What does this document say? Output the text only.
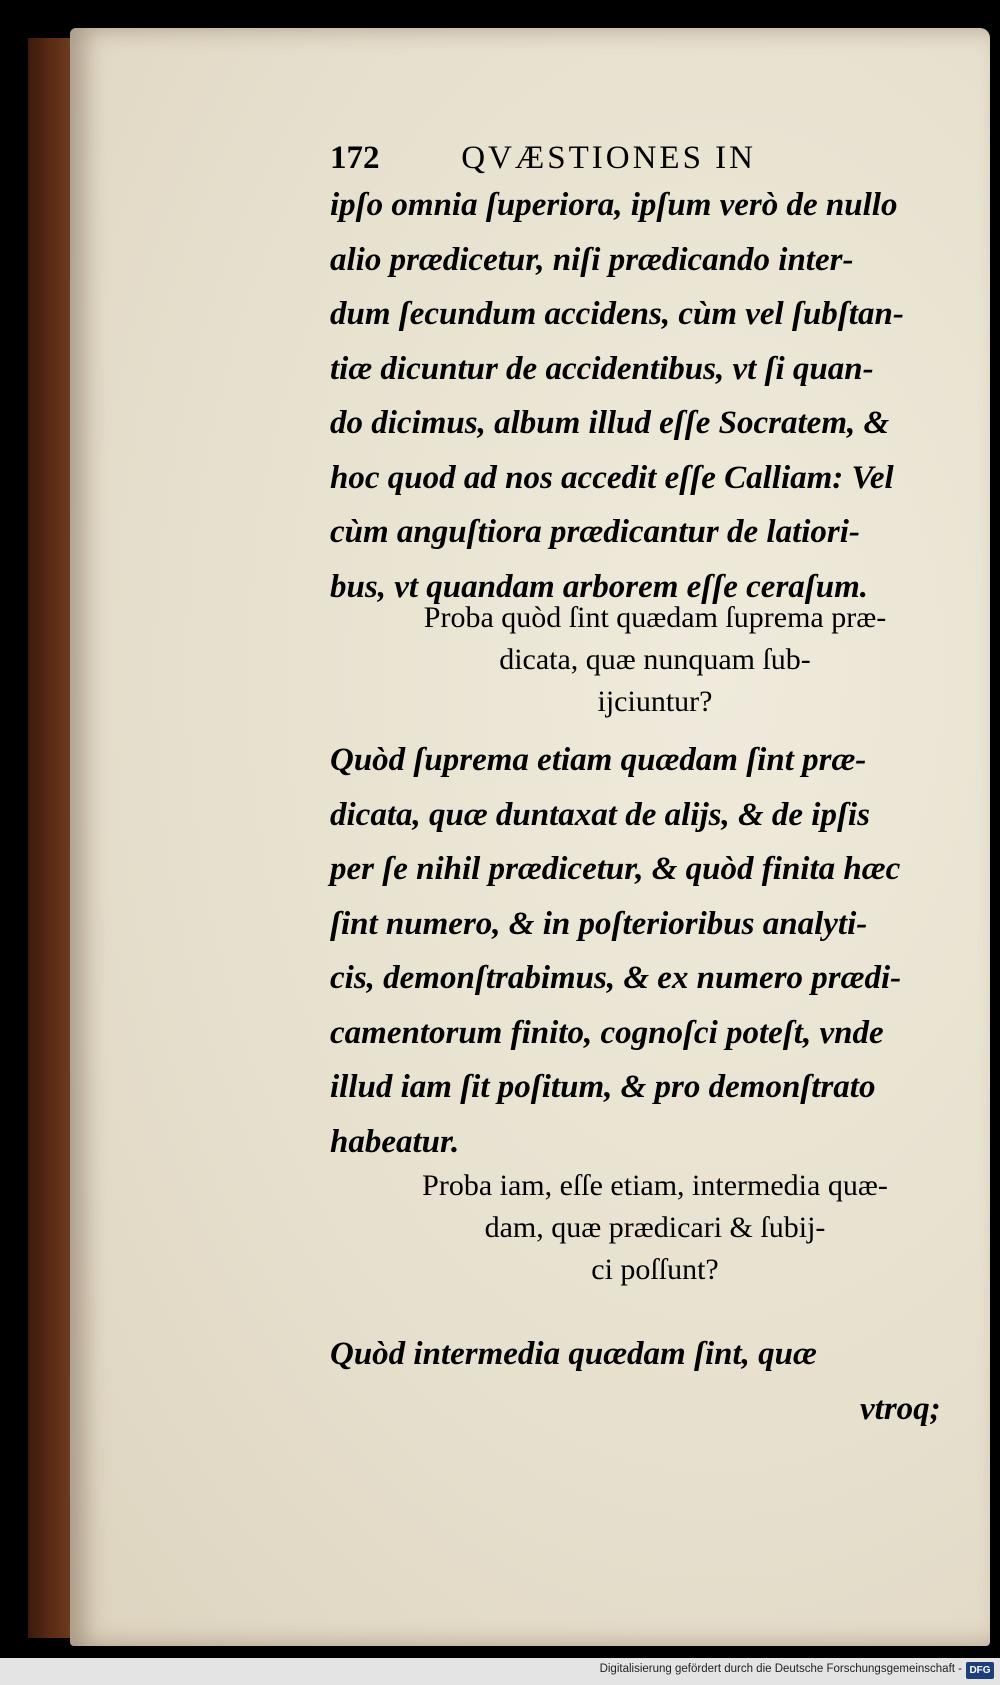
172 QVÆSTIONES IN
ipſo omnia ſuperiora, ipſum verò de nullo
alio prædicetur, niſi prædicando inter-
dum ſecundum accidens, cùm vel ſubſtan-
tiæ dicuntur de accidentibus, vt ſi quan-
do dicimus, album illud eſſe Socratem, &
hoc quod ad nos accedit eſſe Calliam: Vel
cùm anguſtiora prædicantur de latiori-
bus, vt quandam arborem eſſe ceraſum.
Proba quòd ſint quædam ſuprema præ-
dicata, quæ nunquam ſub-
ijciuntur?
Quòd ſuprema etiam quædam ſint præ-
dicata, quæ duntaxat de alijs, & de ipſis
per ſe nihil prædicetur, & quòd finita hæc
ſint numero, & in poſterioribus analyti-
cis, demonſtrabimus, & ex numero prædi-
camentorum finito, cognoſci poteſt, vnde
illud iam ſit poſitum, & pro demonſtrato
habeatur.
Proba iam, eſſe etiam, intermedia quæ-
dam, quæ prædicari & ſubij-
ci poſſunt?
Quòd intermedia quædam ſint, quæ
vtroq;
Digitalisierung gefördert durch die Deutsche Forschungsgemeinschaft - DFG
